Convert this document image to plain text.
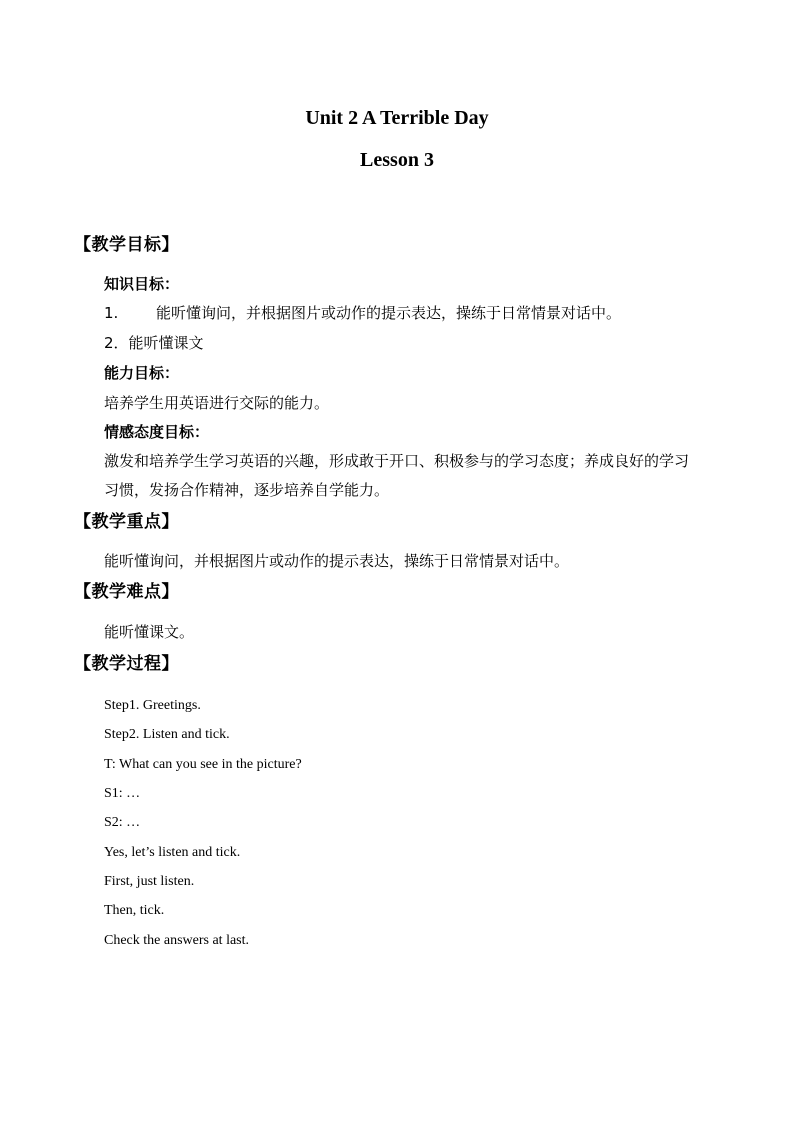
Unit 2 A Terrible Day
Lesson 3
【教学目标】
知识目标：
1.	能听懂询问，并根据图片或动作的提示表达，操练于日常情景对话中。
2．能听懂课文
能力目标：
培养学生用英语进行交际的能力。
情感态度目标：
激发和培养学生学习英语的兴趣，形成敢于开口、积极参与的学习态度；养成良好的学习
习惯，发扬合作精神，逐步培养自学能力。
【教学重点】
能听懂询问，并根据图片或动作的提示表达，操练于日常情景对话中。
【教学难点】
能听懂课文。
【教学过程】
Step1. Greetings.
Step2. Listen and tick.
T: What can you see in the picture?
S1: …
S2: …
Yes, let’s listen and tick.
First, just listen.
Then, tick.
Check the answers at last.
